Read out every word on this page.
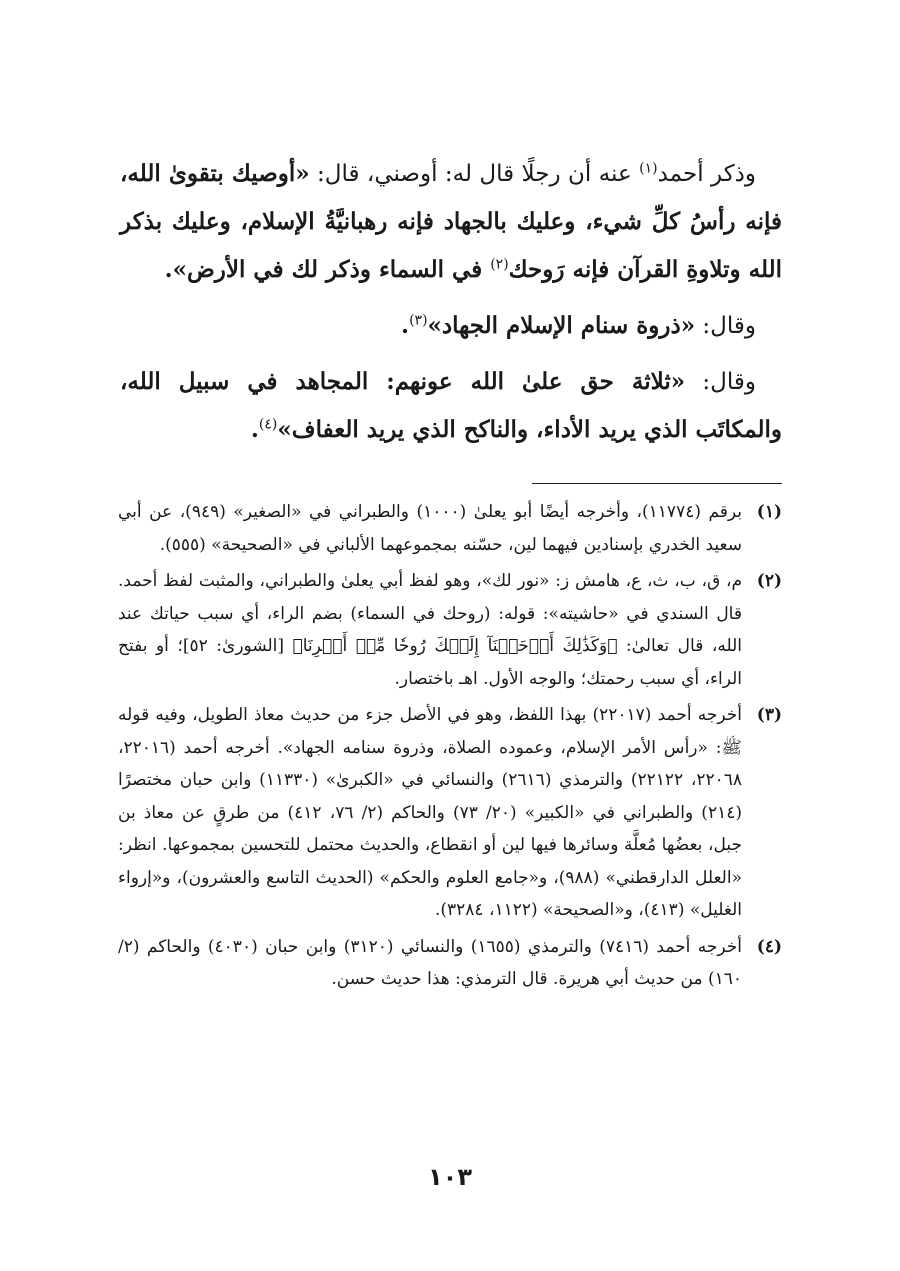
وذكر أحمد$^{(١)}$ عنه أن رجلًا قال له: أوصني، قال: «أوصيك بتقوىٰ الله، فإنه رأسُ كلِّ شيء، وعليك بالجهاد فإنه رهبانيَّةُ الإسلام، وعليك بذكر الله وتلاوةِ القرآن فإنه رَوحك$^{(٢)}$ في السماء وذكر لك في الأرض».

وقال: «ذروة سنام الإسلام الجهاد»$^{(٣)}$.

وقال: «ثلاثة حق علىٰ الله عونهم: المجاهد في سبيل الله، والمكاتَب الذي يريد الأداء، والناكح الذي يريد العفاف»$^{(٤)}$.

(١)
برقم (١١٧٧٤)، وأخرجه أيضًا أبو يعلىٰ (١٠٠٠) والطبراني في «الصغير» (٩٤٩)، عن أبي سعيد الخدري بإسنادين فيهما لين، حسّنه بمجموعهما الألباني في «الصحيحة» (٥٥٥).
(٢)
م، ق، ب، ث، ع، هامش ز: «نور لك»، وهو لفظ أبي يعلىٰ والطبراني، والمثبت لفظ أحمد. قال السندي في «حاشيته»: قوله: (روحك في السماء) بضم الراء، أي سبب حياتك عند الله، قال تعالىٰ: ﴿وَكَذَٰلِكَ أَوۡحَيۡنَآ إِلَيۡكَ رُوحٗا مِّنۡ أَمۡرِنَا﴾ [الشورىٰ: ٥٢]؛ أو بفتح الراء، أي سبب رحمتك؛ والوجه الأول. اهـ باختصار.
(٣)
أخرجه أحمد (٢٢٠١٧) بهذا اللفظ، وهو في الأصل جزء من حديث معاذ الطويل، وفيه قوله ﷺ: «رأس الأمر الإسلام، وعموده الصلاة، وذروة سنامه الجهاد». أخرجه أحمد (٢٢٠١٦، ٢٢٠٦٨، ٢٢١٢٢) والترمذي (٢٦١٦) والنسائي في «الكبرىٰ» (١١٣٣٠) وابن حبان مختصرًا (٢١٤) والطبراني في «الكبير» (٢٠/ ٧٣) والحاكم (٢/ ٧٦، ٤١٢) من طرقٍ عن معاذ بن جبل، بعضُها مُعلَّة وسائرها فيها لين أو انقطاع، والحديث محتمل للتحسين بمجموعها. انظر: «العلل الدارقطني» (٩٨٨)، و«جامع العلوم والحكم» (الحديث التاسع والعشرون)، و«إرواء الغليل» (٤١٣)، و«الصحيحة» (١١٢٢، ٣٢٨٤).
(٤)
أخرجه أحمد (٧٤١٦) والترمذي (١٦٥٥) والنسائي (٣١٢٠) وابن حبان (٤٠٣٠) والحاكم (٢/ ١٦٠) من حديث أبي هريرة. قال الترمذي: هذا حديث حسن.
١٠٣
